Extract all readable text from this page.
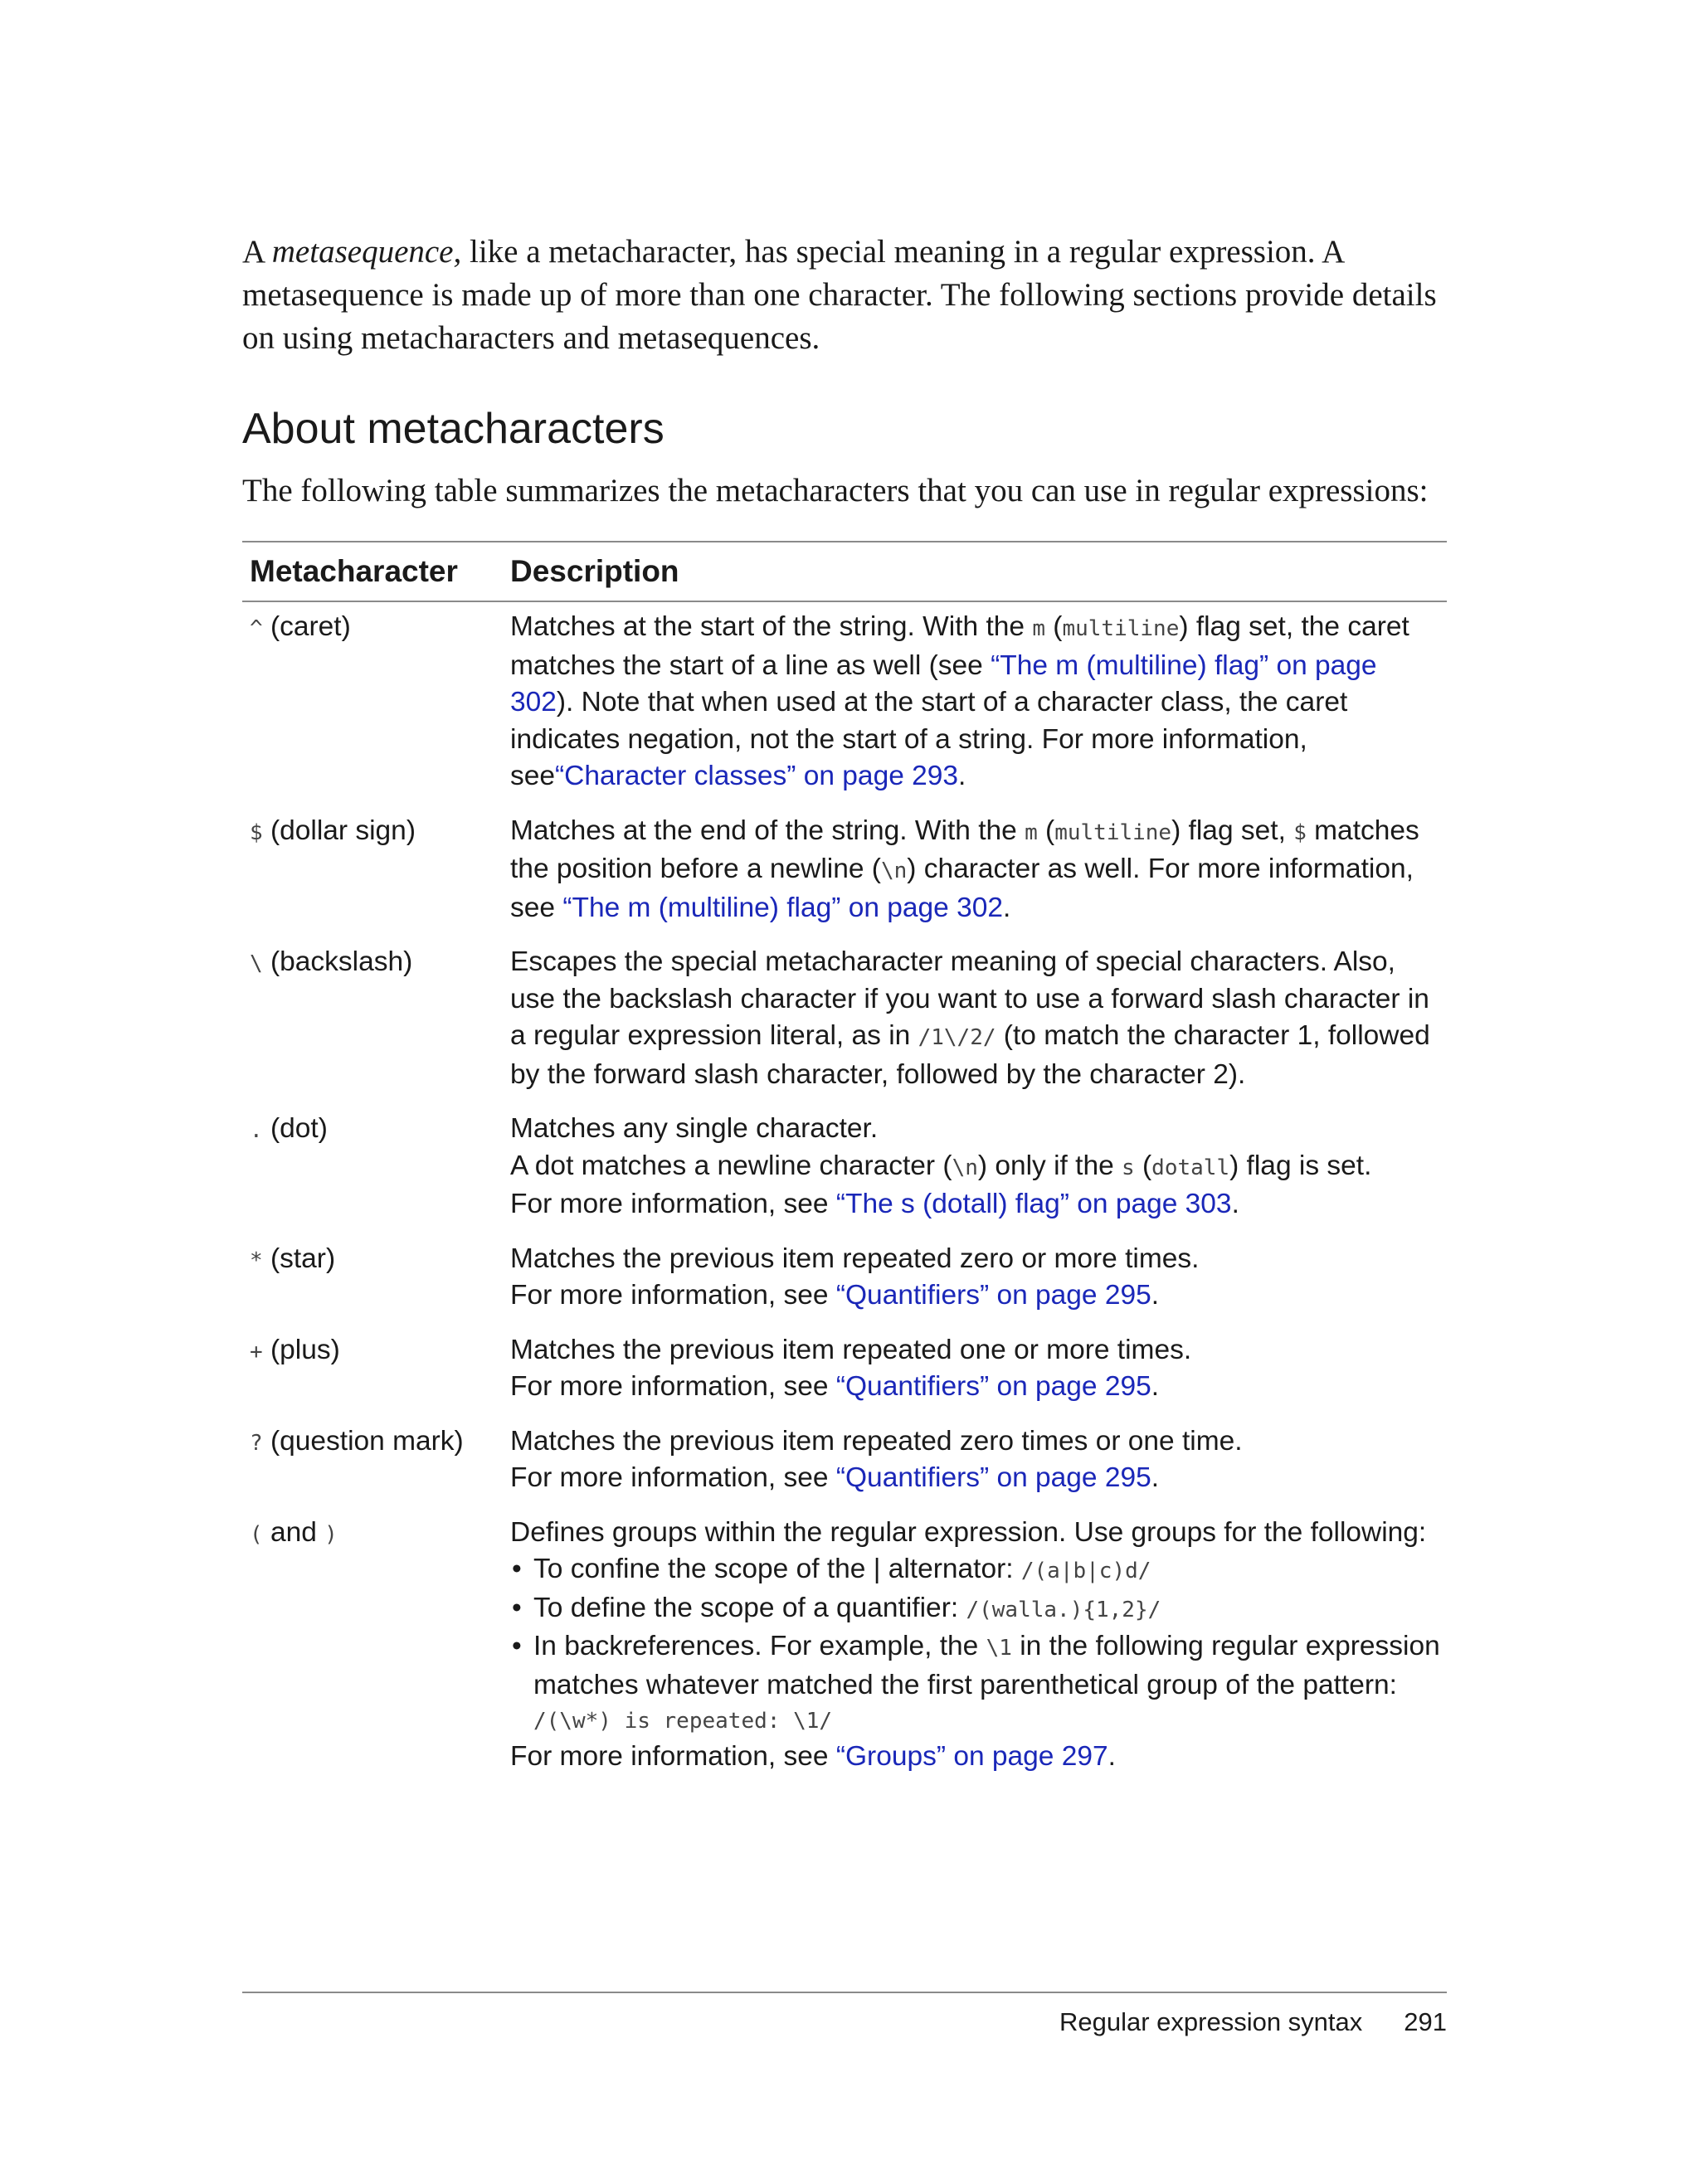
A metasequence, like a metacharacter, has special meaning in a regular expression. A metasequence is made up of more than one character. The following sections provide details on using metacharacters and metasequences.

About metacharacters

The following table summarizes the metacharacters that you can use in regular expressions:

Metacharacter	Description
^ (caret)	Matches at the start of the string. With the m (multiline) flag set, the caret matches the start of a line as well (see “The m (multiline) flag” on page 302). Note that when used at the start of a character class, the caret indicates negation, not the start of a string. For more information, see“Character classes” on page 293.
$ (dollar sign)	Matches at the end of the string. With the m (multiline) flag set, $ matches the position before a newline (\n) character as well. For more information, see “The m (multiline) flag” on page 302.
\ (backslash)	Escapes the special metacharacter meaning of special characters. Also, use the backslash character if you want to use a forward slash character in a regular expression literal, as in /1\/2/ (to match the character 1, followed by the forward slash character, followed by the character 2).
. (dot)	Matches any single character.
A dot matches a newline character (\n) only if the s (dotall) flag is set.
For more information, see “The s (dotall) flag” on page 303.
* (star)	Matches the previous item repeated zero or more times.
For more information, see “Quantifiers” on page 295.
+ (plus)	Matches the previous item repeated one or more times.
For more information, see “Quantifiers” on page 295.
? (question mark)	Matches the previous item repeated zero times or one time.
For more information, see “Quantifiers” on page 295.
( and )	Defines groups within the regular expression. Use groups for the following:
• To confine the scope of the | alternator: /(a|b|c)d/
• To define the scope of a quantifier: /(walla.){1,2}/
• In backreferences. For example, the \1 in the following regular expression matches whatever matched the first parenthetical group of the pattern:
/(\w*) is repeated: \1/
For more information, see “Groups” on page 297.
Regular expression syntax 291
